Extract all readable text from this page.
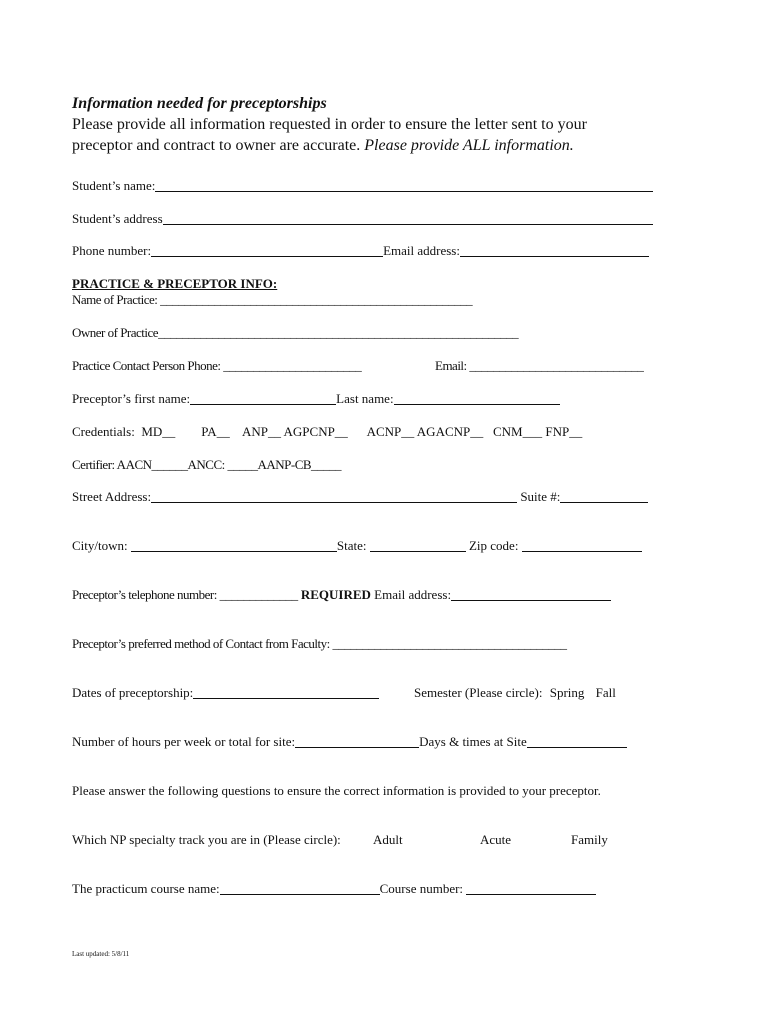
Information needed for preceptorships
Please provide all information requested in order to ensure the letter sent to your
preceptor and contract to owner are accurate. Please provide ALL information.
Student’s name:
Student’s address
Phone number:	Email address:
PRACTICE & PRECEPTOR INFO:
Name of Practice: ____________________________________________________
Owner of Practice____________________________________________________________
Practice Contact Person Phone: _______________________	Email: _____________________________
Preceptor’s first name:	Last name:
Credentials:  MD__        PA__    ANP__ AGPCNP__      ACNP__ AGACNP__   CNM___ FNP__
Certifier: AACN______ANCC: _____AANP-CB_____
Street Address:	Suite #:
City/town:	State:	Zip code:
Preceptor’s telephone number: _____________ REQUIRED Email address:
Preceptor’s preferred method of Contact from Faculty: _______________________________________
Dates of preceptorship:	Semester (Please circle): Spring Fall
Number of hours per week or total for site:	Days & times at Site
Please answer the following questions to ensure the correct information is provided to your preceptor.
Which NP specialty track you are in (Please circle): Adult	Acute	Family
The practicum course name:	Course number:
Last updated: 5/8/11
